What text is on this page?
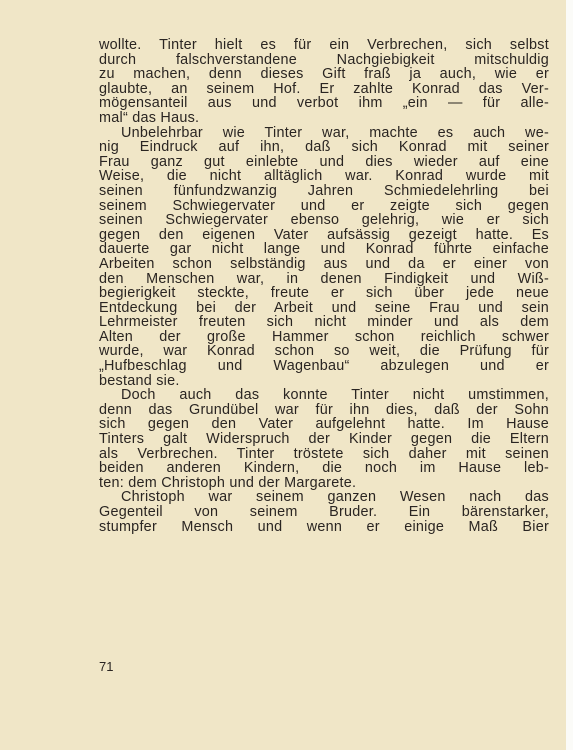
wollte. Tinter hielt es für ein Verbrechen, sich selbst
durch falschverstandene Nachgiebigkeit mitschuldig
zu machen, denn dieses Gift fraß ja auch, wie er
glaubte, an seinem Hof. Er zahlte Konrad das Ver-
mögensanteil aus und verbot ihm „ein — für alle-
mal“ das Haus.
Unbelehrbar wie Tinter war, machte es auch we-
nig Eindruck auf ihn, daß sich Konrad mit seiner
Frau ganz gut einlebte und dies wieder auf eine
Weise, die nicht alltäglich war. Konrad wurde mit
seinen fünfundzwanzig Jahren Schmiedelehrling bei
seinem Schwiegervater und er zeigte sich gegen
seinen Schwiegervater ebenso gelehrig, wie er sich
gegen den eigenen Vater aufsässig gezeigt hatte. Es
dauerte gar nicht lange und Konrad führte einfache
Arbeiten schon selbständig aus und da er einer von
den Menschen war, in denen Findigkeit und Wiß-
begierigkeit steckte, freute er sich über jede neue
Entdeckung bei der Arbeit und seine Frau und sein
Lehrmeister freuten sich nicht minder und als dem
Alten der große Hammer schon reichlich schwer
wurde, war Konrad schon so weit, die Prüfung für
„Hufbeschlag und Wagenbau“ abzulegen und er
bestand sie.
Doch auch das konnte Tinter nicht umstimmen,
denn das Grundübel war für ihn dies, daß der Sohn
sich gegen den Vater aufgelehnt hatte. Im Hause
Tinters galt Widerspruch der Kinder gegen die Eltern
als Verbrechen. Tinter tröstete sich daher mit seinen
beiden anderen Kindern, die noch im Hause leb-
ten: dem Christoph und der Margarete.
Christoph war seinem ganzen Wesen nach das
Gegenteil von seinem Bruder. Ein bärenstarker,
stumpfer Mensch und wenn er einige Maß Bier
71
